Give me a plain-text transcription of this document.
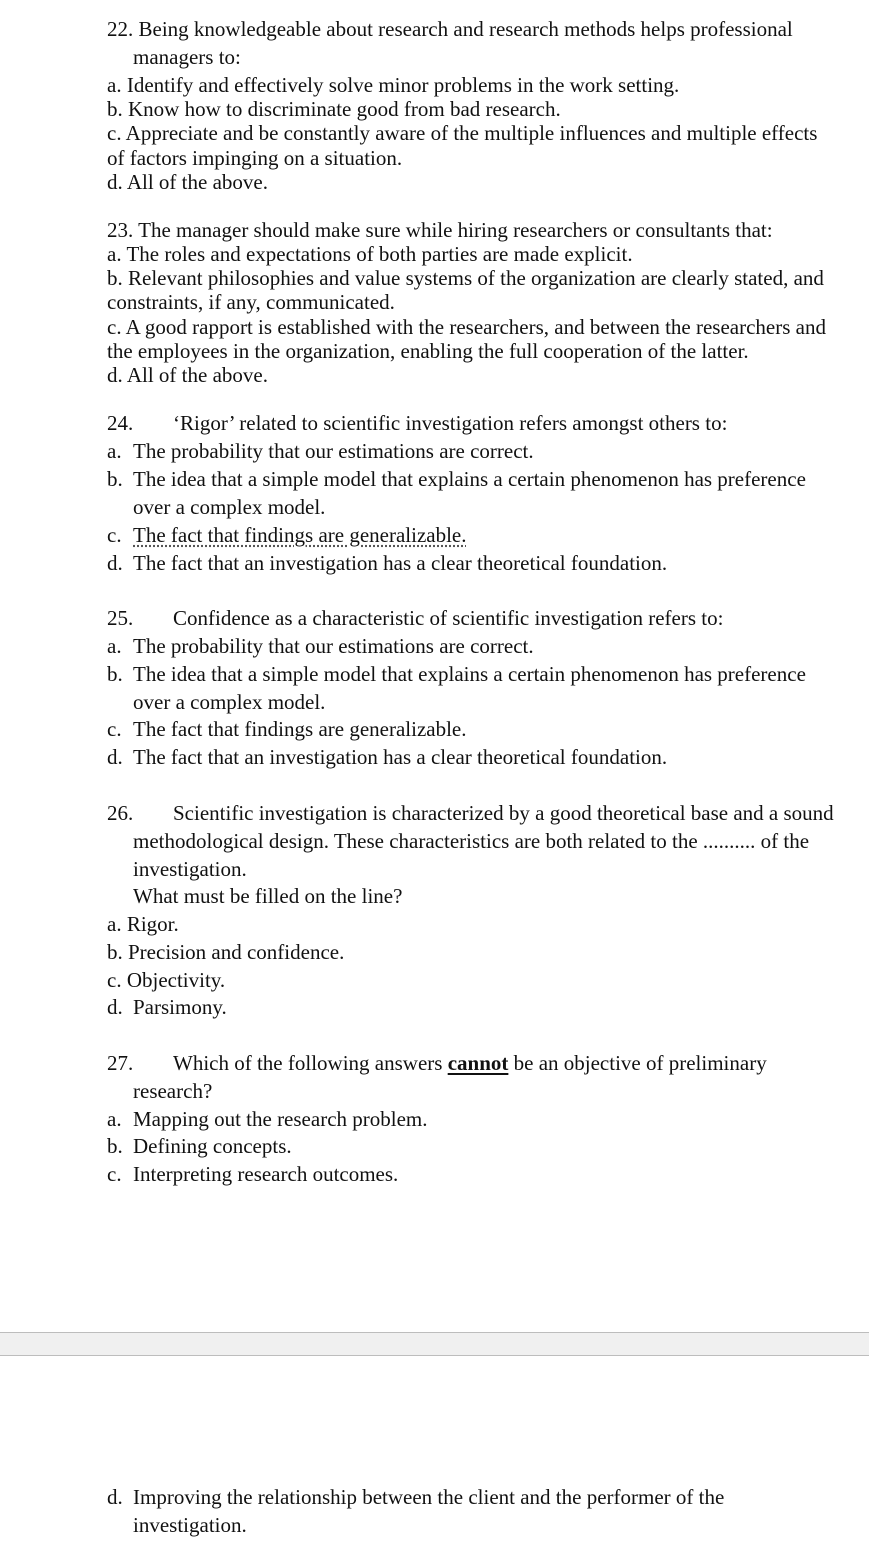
22. Being knowledgeable about research and research methods helps professional
managers to:
a. Identify and effectively solve minor problems in the work setting.
b. Know how to discriminate good from bad research.
c. Appreciate and be constantly aware of the multiple influences and multiple effects
of factors impinging on a situation.
d. All of the above.
23. The manager should make sure while hiring researchers or consultants that:
a. The roles and expectations of both parties are made explicit.
b. Relevant philosophies and value systems of the organization are clearly stated, and
constraints, if any, communicated.
c. A good rapport is established with the researchers, and between the researchers and
the employees in the organization, enabling the full cooperation of the latter.
d. All of the above.
24. ‘Rigor’ related to scientific investigation refers amongst others to:
a. The probability that our estimations are correct.
b. The idea that a simple model that explains a certain phenomenon has preference
over a complex model.
c. The fact that findings are generalizable.
d. The fact that an investigation has a clear theoretical foundation.
25. Confidence as a characteristic of scientific investigation refers to:
a. The probability that our estimations are correct.
b. The idea that a simple model that explains a certain phenomenon has preference
over a complex model.
c. The fact that findings are generalizable.
d. The fact that an investigation has a clear theoretical foundation.
26. Scientific investigation is characterized by a good theoretical base and a sound
methodological design. These characteristics are both related to the .......... of the
investigation.
What must be filled on the line?
a. Rigor.
b. Precision and confidence.
c. Objectivity.
d. Parsimony.
27. Which of the following answers cannot be an objective of preliminary
research?
a. Mapping out the research problem.
b. Defining concepts.
c. Interpreting research outcomes.
d. Improving the relationship between the client and the performer of the
investigation.
